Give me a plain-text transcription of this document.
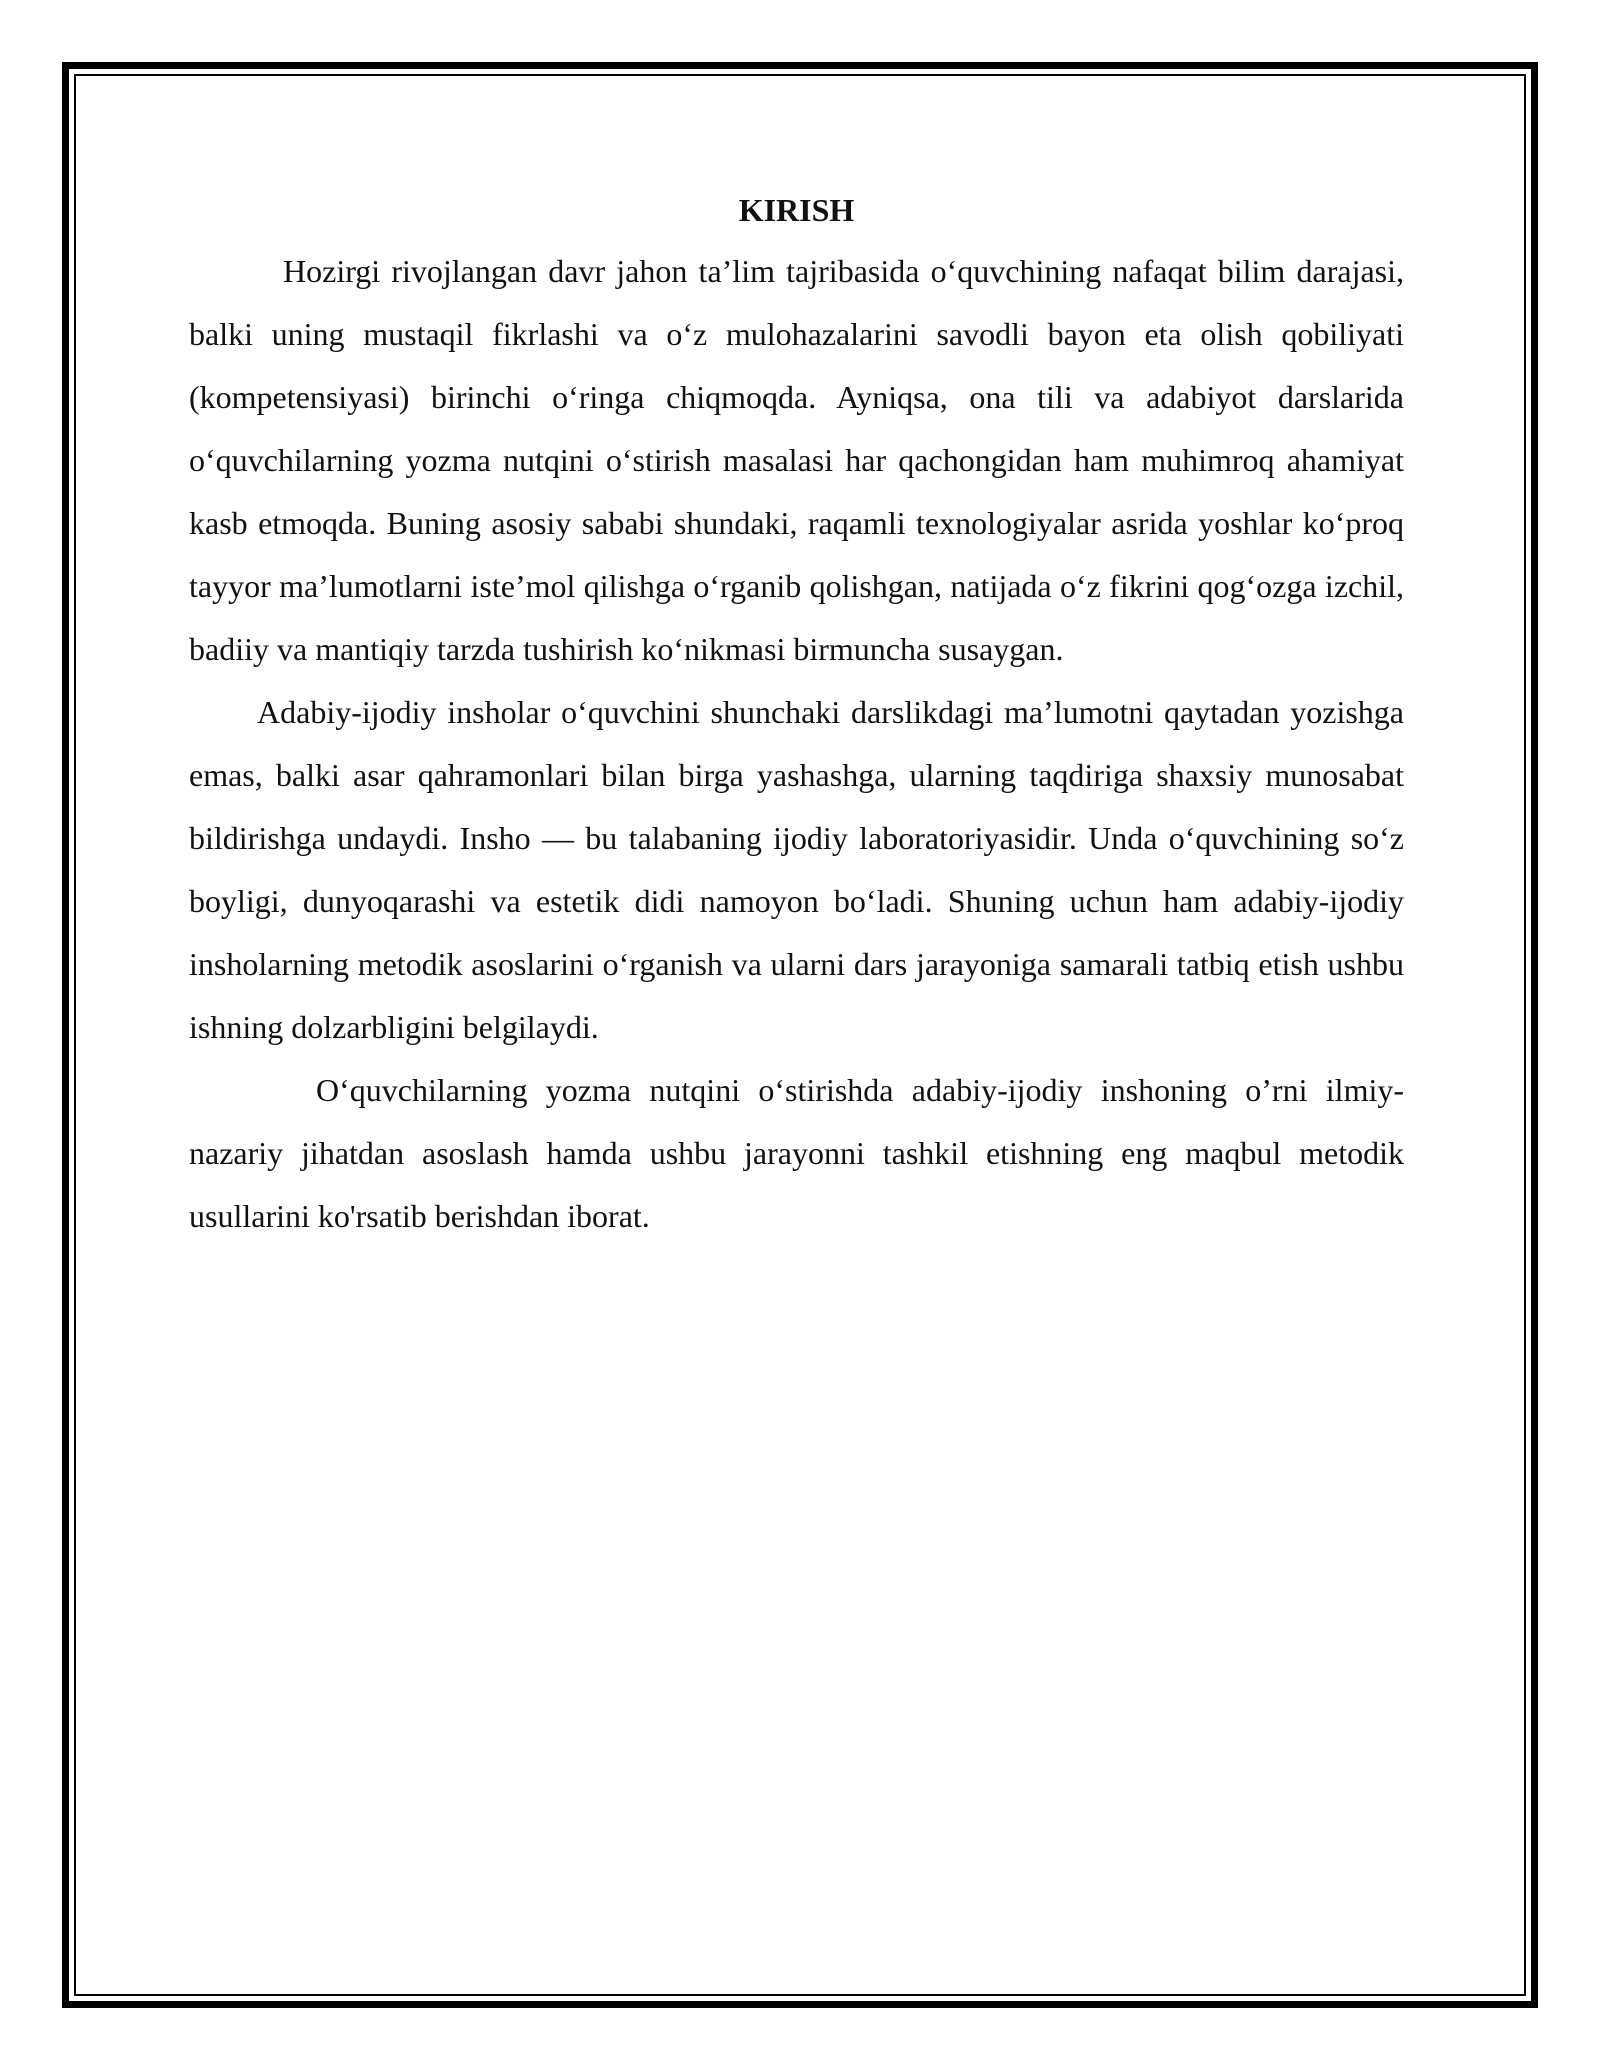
KIRISH

Hozirgi rivojlangan davr jahon ta’lim tajribasida o‘quvchining nafaqat bilim darajasi, balki uning mustaqil fikrlashi va o‘z mulohazalarini savodli bayon eta olish qobiliyati (kompetensiyasi) birinchi o‘ringa chiqmoqda. Ayniqsa, ona tili va adabiyot darslarida o‘quvchilarning yozma nutqini o‘stirish masalasi har qachongidan ham muhimroq ahamiyat kasb etmoqda. Buning asosiy sababi shundaki, raqamli texnologiyalar asrida yoshlar ko‘proq tayyor ma’lumotlarni iste’mol qilishga o‘rganib qolishgan, natijada o‘z fikrini qog‘ozga izchil, badiiy va mantiqiy tarzda tushirish ko‘nikmasi birmuncha susaygan.

Adabiy-ijodiy insholar o‘quvchini shunchaki darslikdagi ma’lumotni qaytadan yozishga emas, balki asar qahramonlari bilan birga yashashga, ularning taqdiriga shaxsiy munosabat bildirishga undaydi. Insho — bu talabaning ijodiy laboratoriyasidir. Unda o‘quvchining so‘z boyligi, dunyoqarashi va estetik didi namoyon bo‘ladi. Shuning uchun ham adabiy-ijodiy insholarning metodik asoslarini o‘rganish va ularni dars jarayoniga samarali tatbiq etish ushbu ishning dolzarbligini belgilaydi.

O‘quvchilarning yozma nutqini o‘stirishda adabiy-ijodiy inshoning o’rni ilmiy-nazariy jihatdan asoslash hamda ushbu jarayonni tashkil etishning eng maqbul metodik usullarini ko'rsatib berishdan iborat.
